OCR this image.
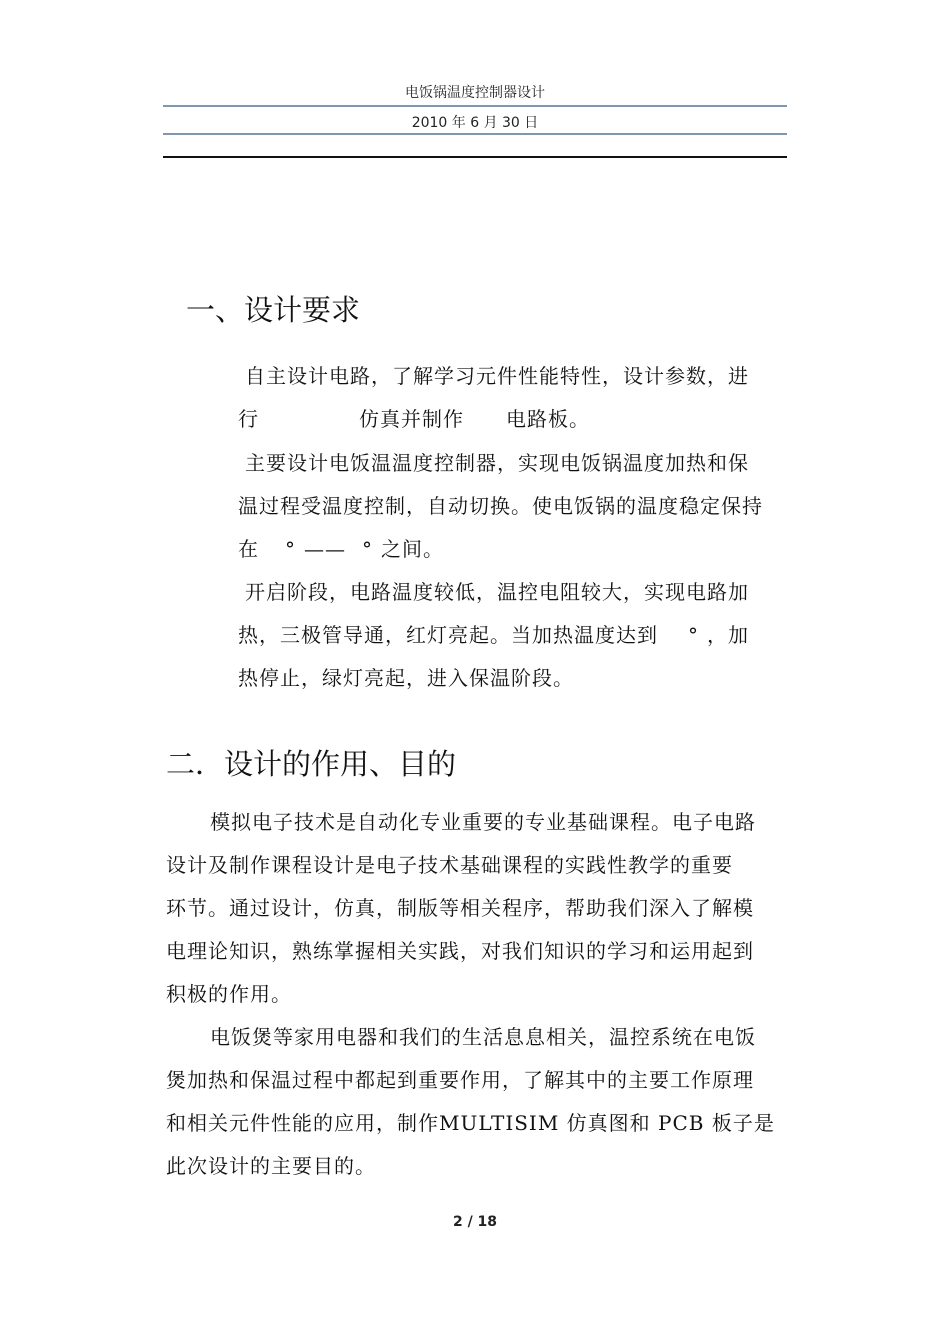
电饭锅温度控制器设计
2010 年 6 月 30 日
一、设计要求
自主设计电路，了解学习元件性能特性，设计参数，进
行	仿真并制作 电路板。
主要设计电饭温温度控制器，实现电饭锅温度加热和保
温过程受温度控制，自动切换。使电饭锅的温度稳定保持
在 ° —— ° 之间。
开启阶段，电路温度较低，温控电阻较大，实现电路加
热，三极管导通，红灯亮起。当加热温度达到 ° ，加
热停止，绿灯亮起，进入保温阶段。
二．设计的作用、目的
模拟电子技术是自动化专业重要的专业基础课程。电子电路
设计及制作课程设计是电子技术基础课程的实践性教学的重要
环节。通过设计，仿真，制版等相关程序，帮助我们深入了解模
电理论知识，熟练掌握相关实践，对我们知识的学习和运用起到
积极的作用。
电饭煲等家用电器和我们的生活息息相关，温控系统在电饭
煲加热和保温过程中都起到重要作用，了解其中的主要工作原理
和相关元件性能的应用，制作MULTISIM 仿真图和 PCB 板子是
此次设计的主要目的。
2 / 18
